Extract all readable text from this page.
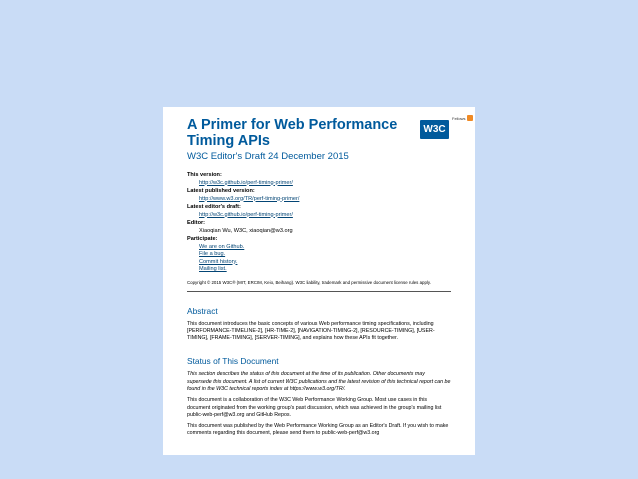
W3C
Fellows
A Primer for Web Performance Timing APIs
W3C Editor's Draft 24 December 2015
This version:
http://w3c.github.io/perf-timing-primer/
Latest published version:
http://www.w3.org/TR/perf-timing-primer/
Latest editor's draft:
http://w3c.github.io/perf-timing-primer/
Editor:
Xiaoqian Wu, W3C, xiaoqian@w3.org
Participate:
We are on Github.
File a bug.
Commit history.
Mailing list.
Copyright © 2015 W3C® (MIT, ERCIM, Keio, Beihang). W3C liability, trademark and permissive document license rules apply.
Abstract

This document introduces the basic concepts of various Web performance timing specifications, including [PERFORMANCE-TIMELINE-2], [HR-TIME-2], [NAVIGATION-TIMING-2], [RESOURCE-TIMING], [USER-TIMING], [FRAME-TIMING], [SERVER-TIMING], and explains how these APIs fit together.

Status of This Document

This section describes the status of this document at the time of its publication. Other documents may supersede this document. A list of current W3C publications and the latest revision of this technical report can be found in the W3C technical reports index at https://www.w3.org/TR/.

This document is a collaboration of the W3C Web Performance Working Group. Most use cases in this document originated from the working group's past discussion, which was achieved in the group's mailing list public-web-perf@w3.org and GitHub Repos.

This document was published by the Web Performance Working Group as an Editor's Draft. If you wish to make comments regarding this document, please send them to public-web-perf@w3.org
